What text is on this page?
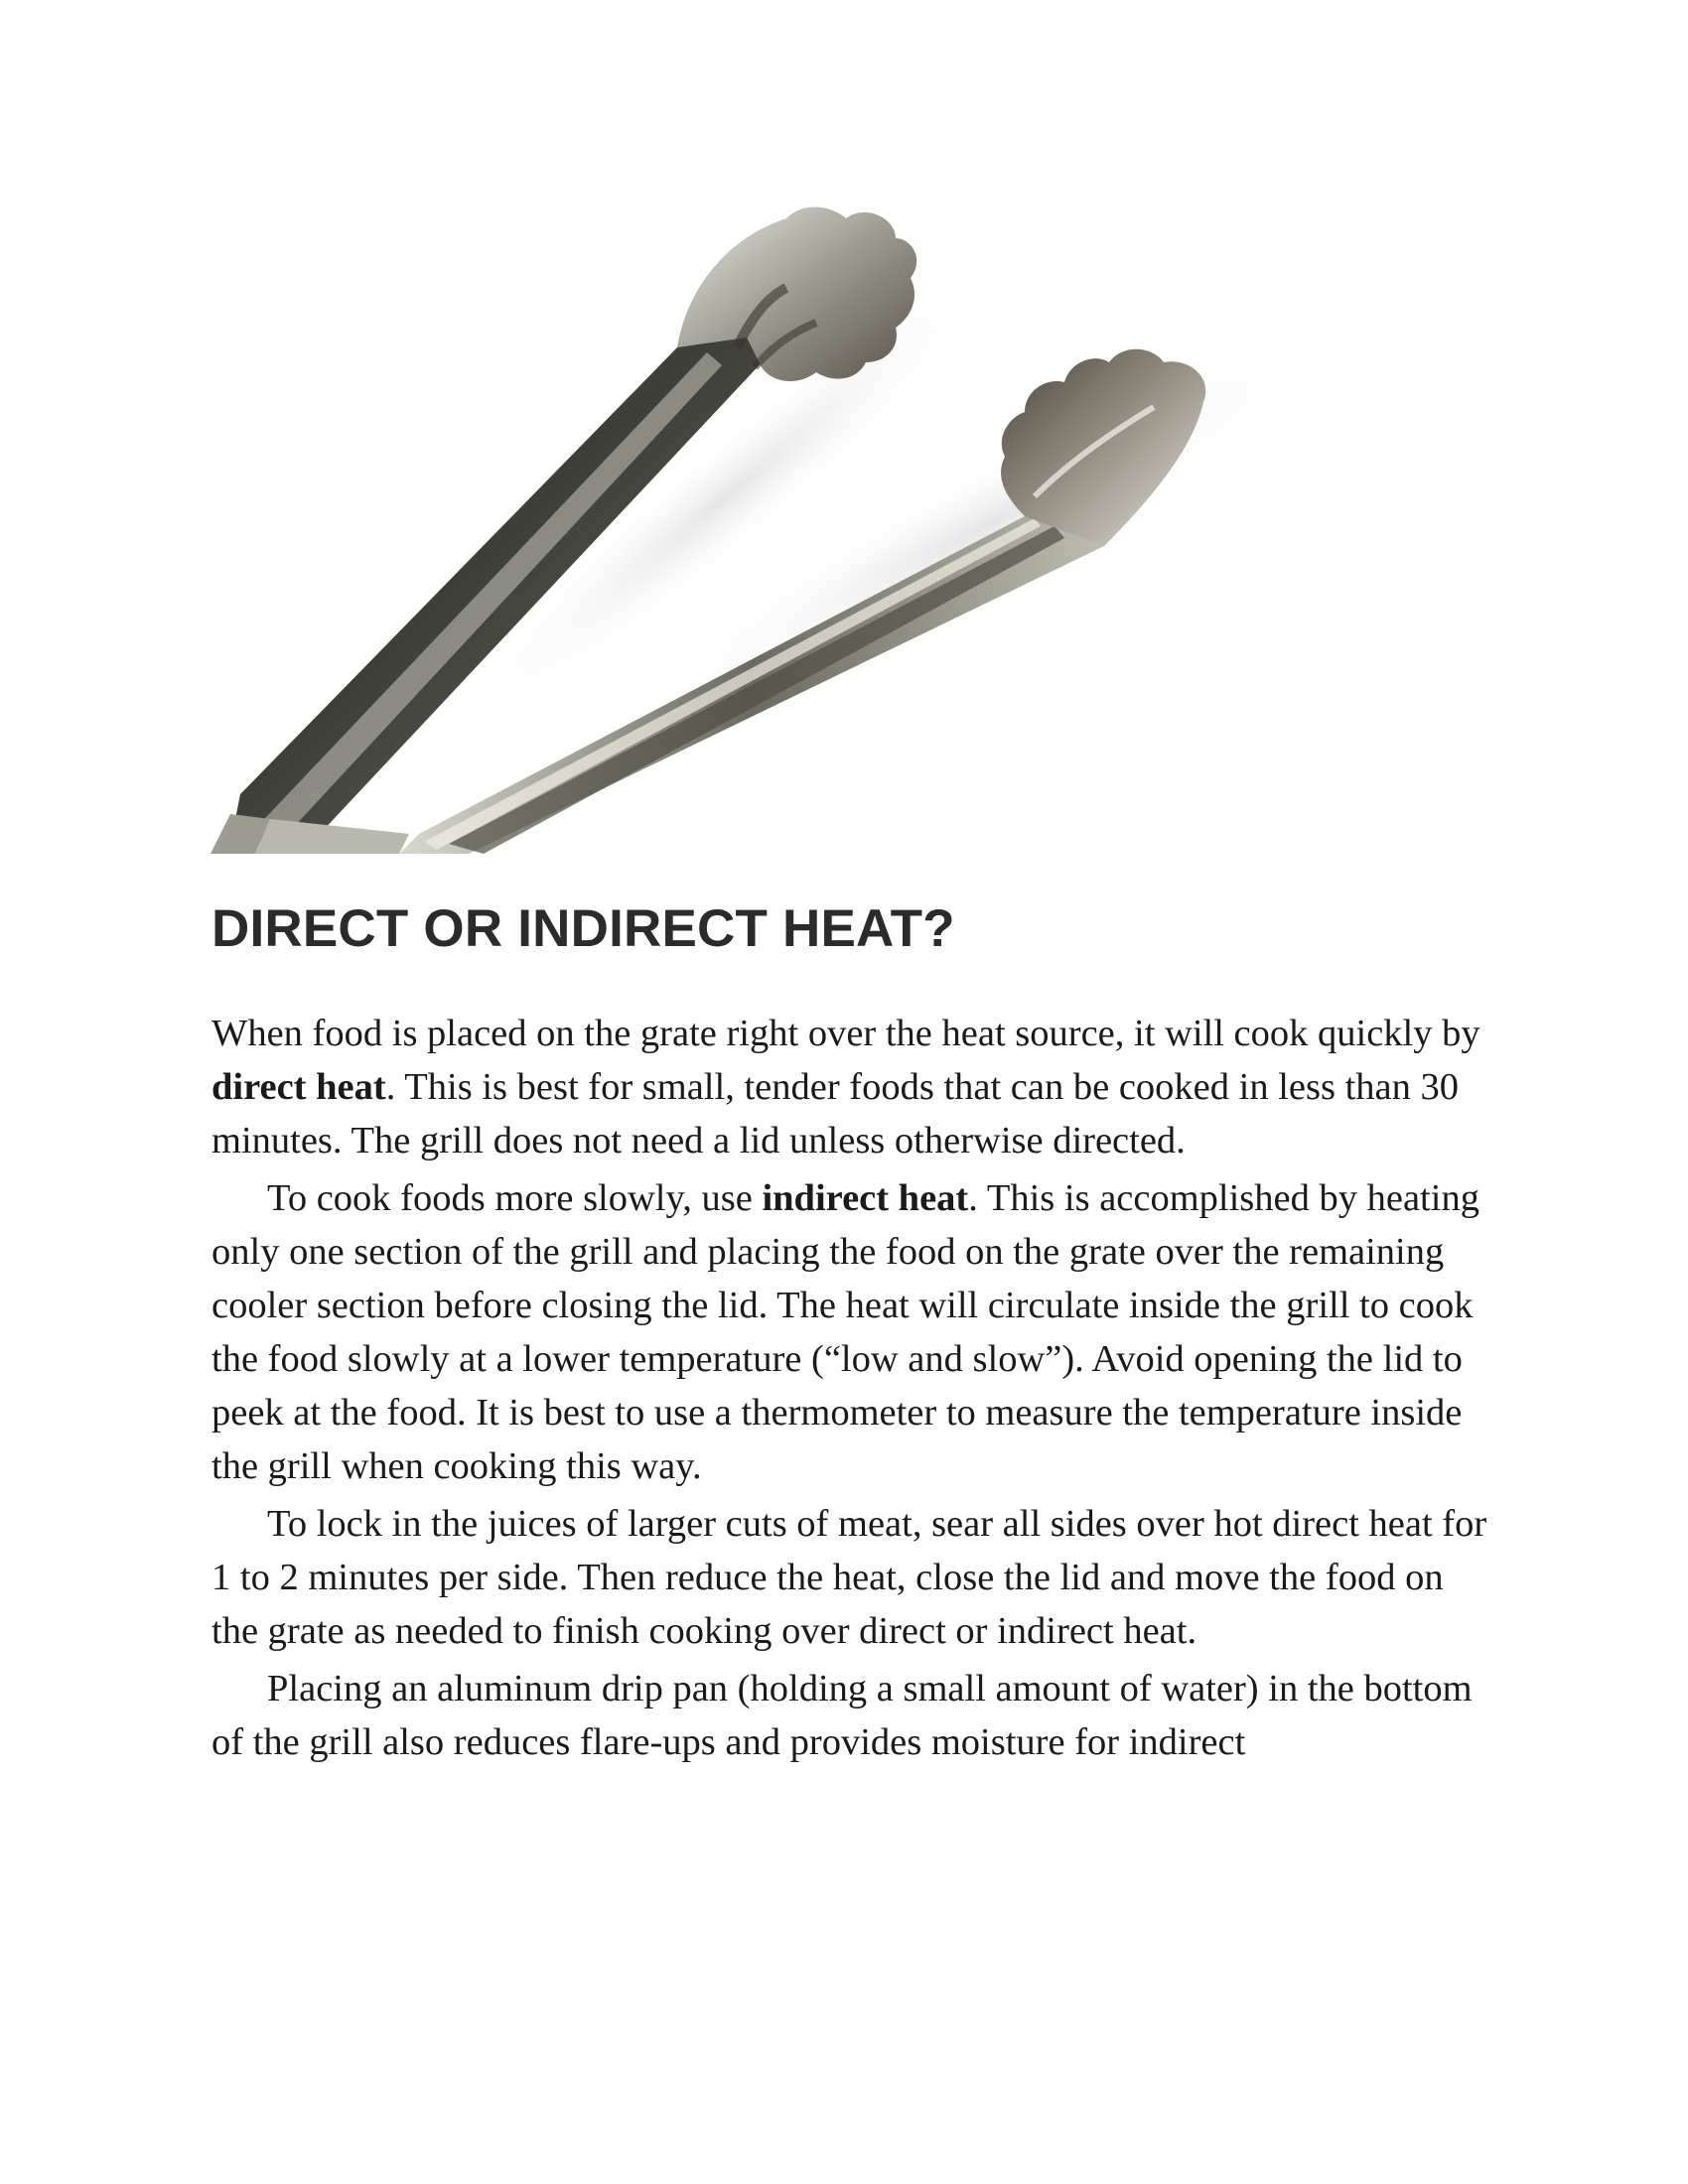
DIRECT OR INDIRECT HEAT?

When food is placed on the grate right over the heat source, it will cook quickly by direct heat. This is best for small, tender foods that can be cooked in less than 30 minutes. The grill does not need a lid unless otherwise directed.

To cook foods more slowly, use indirect heat. This is accomplished by heating only one section of the grill and placing the food on the grate over the remaining cooler section before closing the lid. The heat will circulate inside the grill to cook the food slowly at a lower temperature (“low and slow”). Avoid opening the lid to peek at the food. It is best to use a thermometer to measure the temperature inside the grill when cooking this way.

To lock in the juices of larger cuts of meat, sear all sides over hot direct heat for 1 to 2 minutes per side. Then reduce the heat, close the lid and move the food on the grate as needed to finish cooking over direct or indirect heat.

Placing an aluminum drip pan (holding a small amount of water) in the bottom of the grill also reduces flare-ups and provides moisture for indirect
